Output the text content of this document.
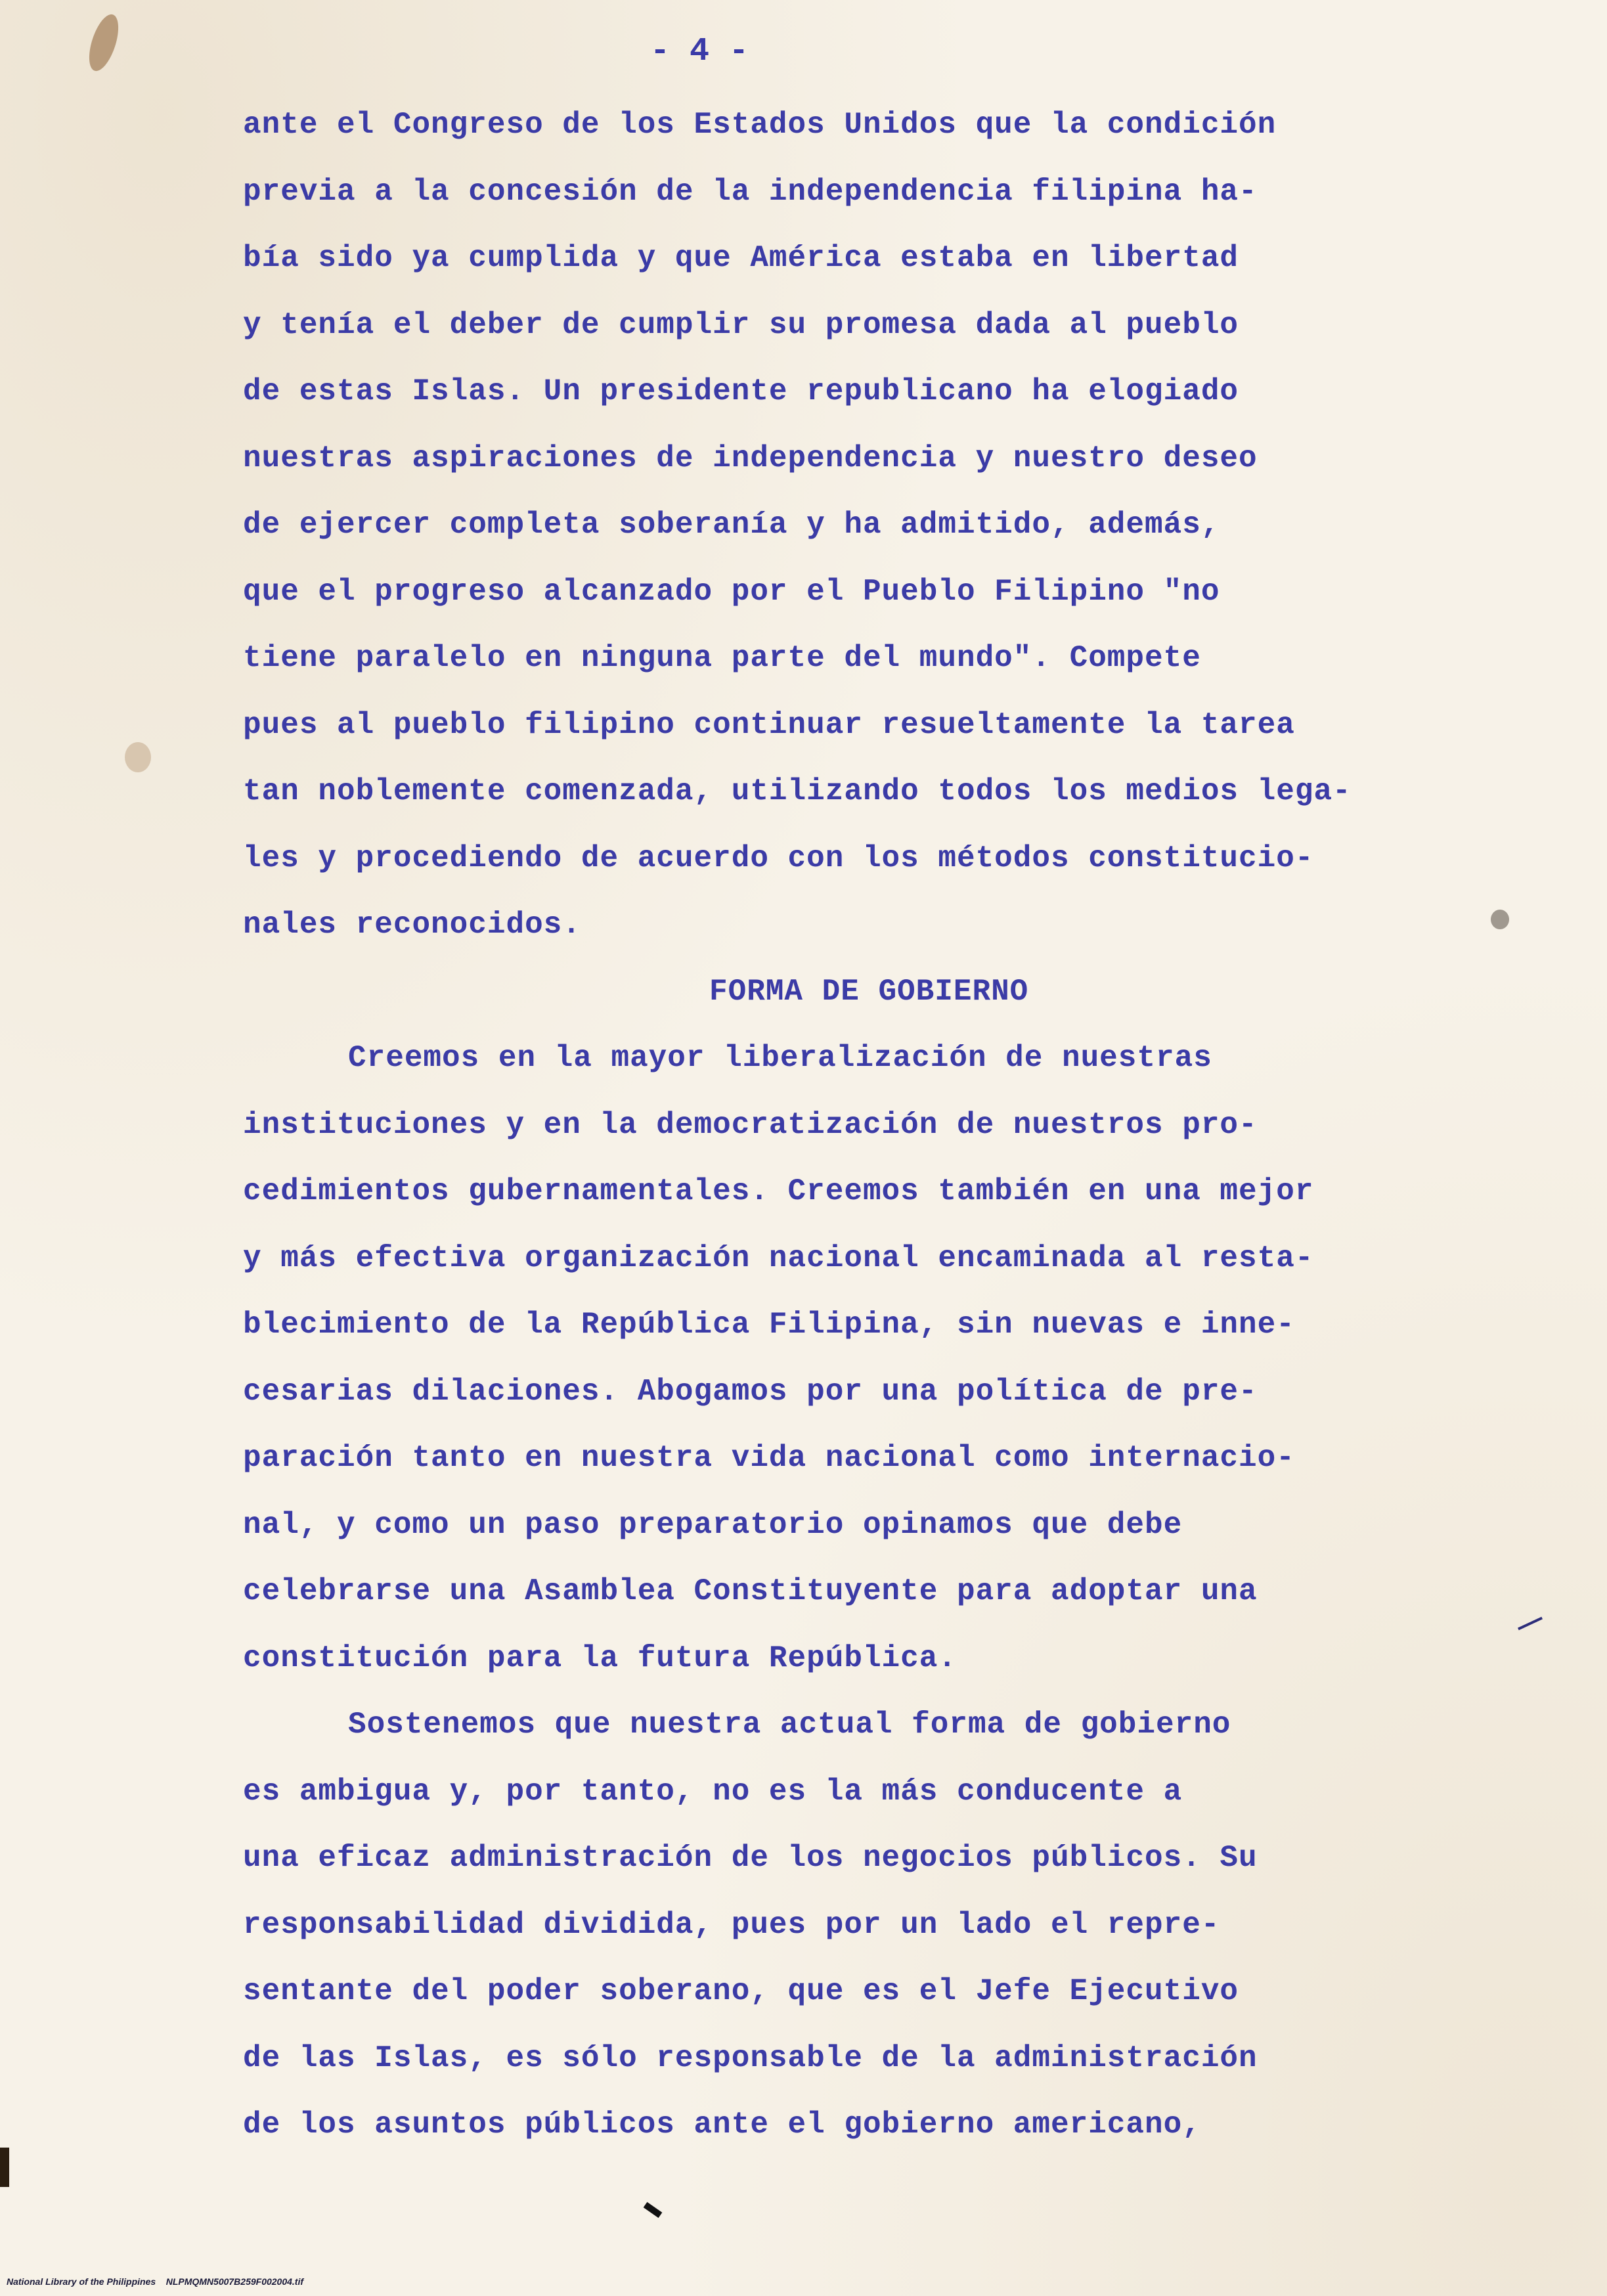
- 4 -
ante el Congreso de los Estados Unidos que la condición
previa a la concesión de la independencia filipina ha-
bía sido ya cumplida y que América estaba en libertad
y tenía el deber de cumplir su promesa dada al pueblo
de estas Islas. Un presidente republicano ha elogiado
nuestras aspiraciones de independencia y nuestro deseo
de ejercer completa soberanía y ha admitido, además,
que el progreso alcanzado por el Pueblo Filipino "no
tiene paralelo en ninguna parte del mundo". Compete
pues al pueblo filipino continuar resueltamente la tarea
tan noblemente comenzada, utilizando todos los medios lega-
les y procediendo de acuerdo con los métodos constitucio-
nales reconocidos.
FORMA DE GOBIERNO
Creemos en la mayor liberalización de nuestras
instituciones y en la democratización de nuestros pro-
cedimientos gubernamentales. Creemos también en una mejor
y más efectiva organización nacional encaminada al resta-
blecimiento de la República Filipina, sin nuevas e inne-
cesarias dilaciones. Abogamos por una política de pre-
paración tanto en nuestra vida nacional como internacio-
nal, y como un paso preparatorio opinamos que debe
celebrarse una Asamblea Constituyente para adoptar una
constitución para la futura República.
Sostenemos que nuestra actual forma de gobierno
es ambigua y, por tanto, no es la más conducente a
una eficaz administración de los negocios públicos. Su
responsabilidad dividida, pues por un lado el repre-
sentante del poder soberano, que es el Jefe Ejecutivo
de las Islas, es sólo responsable de la administración
de los asuntos públicos ante el gobierno americano,
National Library of the Philippines NLPMQMN5007B259F002004.tif
